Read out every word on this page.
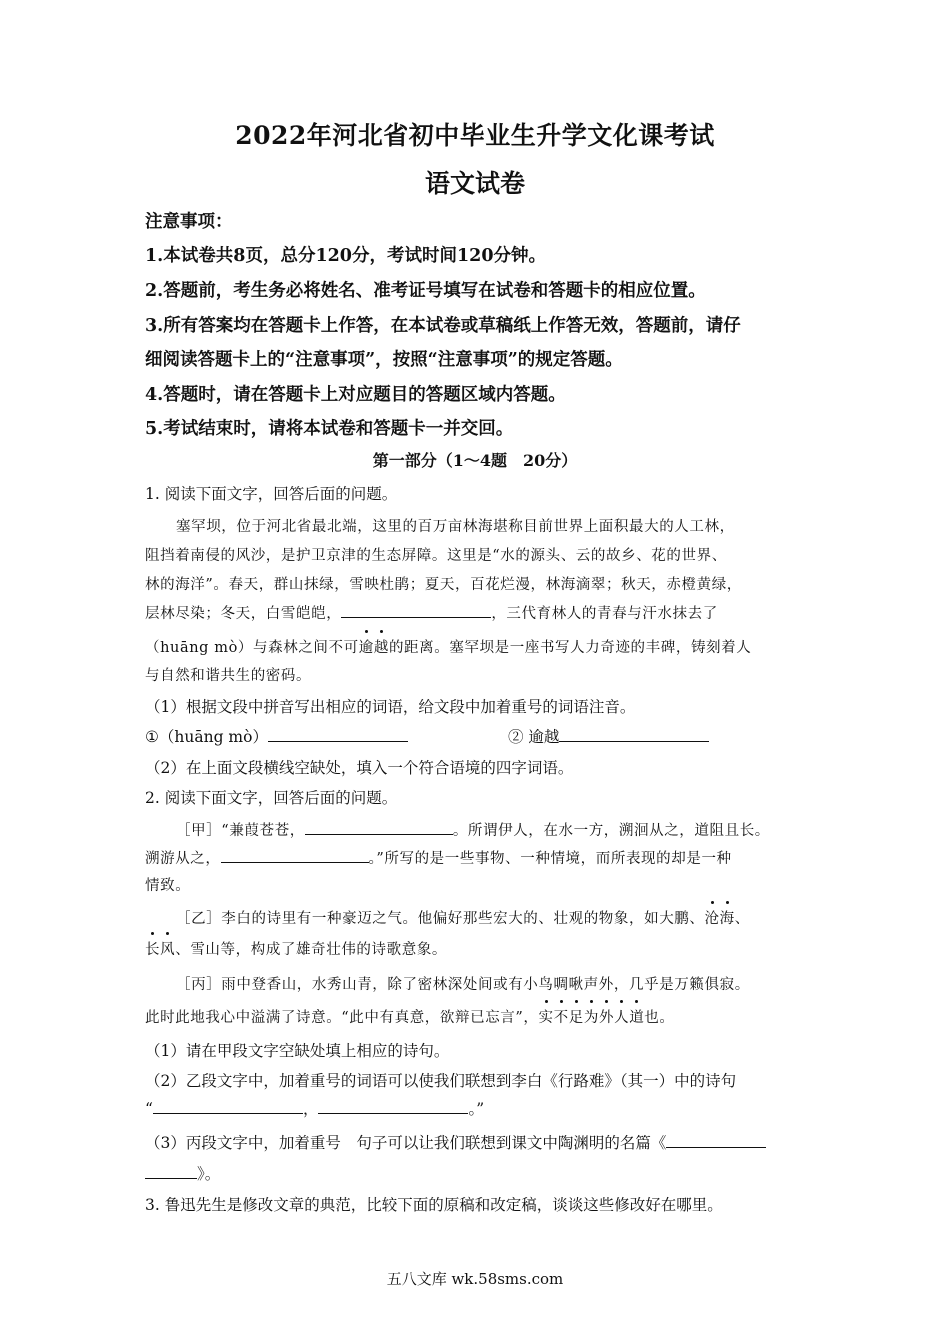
2022年河北省初中毕业生升学文化课考试
语文试卷
注意事项：
1.本试卷共8页，总分120分，考试时间120分钟。
2.答题前，考生务必将姓名、准考证号填写在试卷和答题卡的相应位置。
3.所有答案均在答题卡上作答，在本试卷或草稿纸上作答无效，答题前，请仔
细阅读答题卡上的“注意事项”，按照“注意事项”的规定答题。
4.答题时，请在答题卡上对应题目的答题区域内答题。
5.考试结束时，请将本试卷和答题卡一并交回。
第一部分（1～4题　20分）
1. 阅读下面文字，回答后面的问题。
塞罕坝，位于河北省最北端，这里的百万亩林海堪称目前世界上面积最大的人工林，
阻挡着南侵的风沙，是护卫京津的生态屏障。这里是“水的源头、云的故乡、花的世界、
林的海洋”。春天，群山抹绿，雪映杜鹃；夏天，百花烂漫，林海滴翠；秋天，赤橙黄绿，
层林尽染；冬天，白雪皑皑，	，三代育林人的青春与汗水抹去了
（huāng mò）与森林之间不可逾越的距离。塞罕坝是一座书写人力奇迹的丰碑，铸刻着人
与自然和谐共生的密码。
（1）根据文段中拼音写出相应的词语，给文段中加着重号的词语注音。
①（huāng mò）	② 逾越
（2）在上面文段横线空缺处，填入一个符合语境的四字词语。
2. 阅读下面文字，回答后面的问题。
［甲］“兼葭苍苍，	。所谓伊人，在水一方，溯洄从之，道阻且长。
溯游从之，	。”所写的是一些事物、一种情境，而所表现的却是一种
情致。
［乙］李白的诗里有一种豪迈之气。他偏好那些宏大的、壮观的物象，如大鹏、沧海、
长风、雪山等，构成了雄奇壮伟的诗歌意象。
［丙］雨中登香山，水秀山青，除了密林深处间或有小鸟啁啾声外，几乎是万籁俱寂。
此时此地我心中溢满了诗意。“此中有真意，欲辩已忘言”，实不足为外人道也。
（1）请在甲段文字空缺处填上相应的诗句。
（2）乙段文字中，加着重号的词语可以使我们联想到李白《行路难》（其一）中的诗句
“	，	。”
（3）丙段文字中，加着重号　句子可以让我们联想到课文中陶渊明的名篇《
》。
3. 鲁迅先生是修改文章的典范，比较下面的原稿和改定稿，谈谈这些修改好在哪里。
五八文库 wk.58sms.com
